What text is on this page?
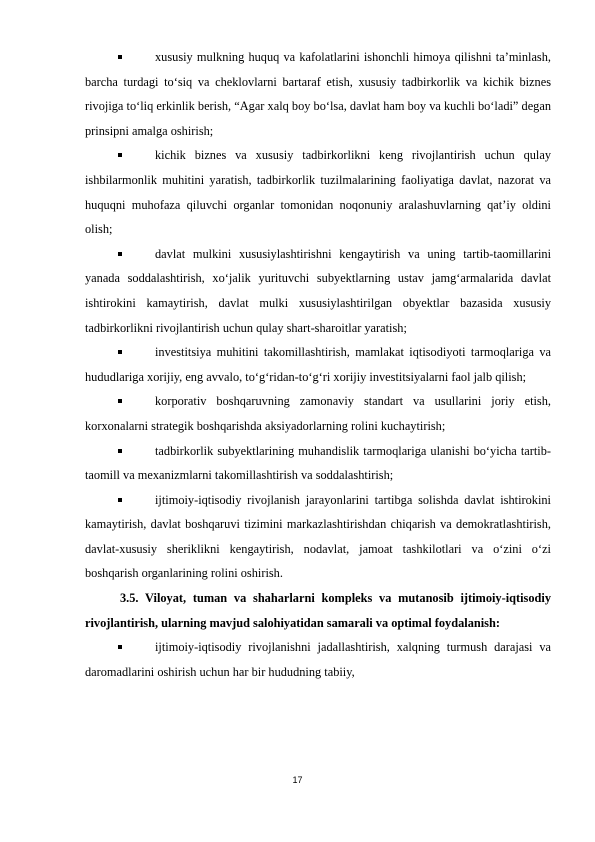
xususiy mulkning huquq va kafolatlarini ishonchli himoya qilishni ta’minlash, barcha turdagi to‘siq va cheklovlarni bartaraf etish, xususiy tadbirkorlik va kichik biznes rivojiga to‘liq erkinlik berish, “Agar xalq boy bo‘lsa, davlat ham boy va kuchli bo‘ladi” degan prinsipni amalga oshirish;
kichik biznes va xususiy tadbirkorlikni keng rivojlantirish uchun qulay ishbilarmonlik muhitini yaratish, tadbirkorlik tuzilmalarining faoliyatiga davlat, nazorat va huquqni muhofaza qiluvchi organlar tomonidan noqonuniy aralashuvlarning qat’iy oldini olish;
davlat mulkini xususiylashtirishni kengaytirish va uning tartib-taomillarini yanada soddalashtirish, xo‘jalik yurituvchi subyektlarning ustav jamg‘armalarida davlat ishtirokini kamaytirish, davlat mulki xususiylashtirilgan obyektlar bazasida xususiy tadbirkorlikni rivojlantirish uchun qulay shart-sharoitlar yaratish;
investitsiya muhitini takomillashtirish, mamlakat iqtisodiyoti tarmoqlariga va hududlariga xorijiy, eng avvalo, to‘g‘ridan-to‘g‘ri xorijiy investitsiyalarni faol jalb qilish;
korporativ boshqaruvning zamonaviy standart va usullarini joriy etish, korxonalarni strategik boshqarishda aksiyadorlarning rolini kuchaytirish;
tadbirkorlik subyektlarining muhandislik tarmoqlariga ulanishi bo‘yicha tartib-taomill va mexanizmlarni takomillashtirish va soddalashtirish;
ijtimoiy-iqtisodiy rivojlanish jarayonlarini tartibga solishda davlat ishtirokini kamaytirish, davlat boshqaruvi tizimini markazlashtirishdan chiqarish va demokratlashtirish, davlat-xususiy sheriklikni kengaytirish, nodavlat, jamoat tashkilotlari va o‘zini o‘zi boshqarish organlarining rolini oshirish.
3.5. Viloyat, tuman va shaharlarni kompleks va mutanosib ijtimoiy-iqtisodiy rivojlantirish, ularning mavjud salohiyatidan samarali va optimal foydalanish:
ijtimoiy-iqtisodiy rivojlanishni jadallashtirish, xalqning turmush darajasi va daromadlarini oshirish uchun har bir hududning tabiiy,
17
